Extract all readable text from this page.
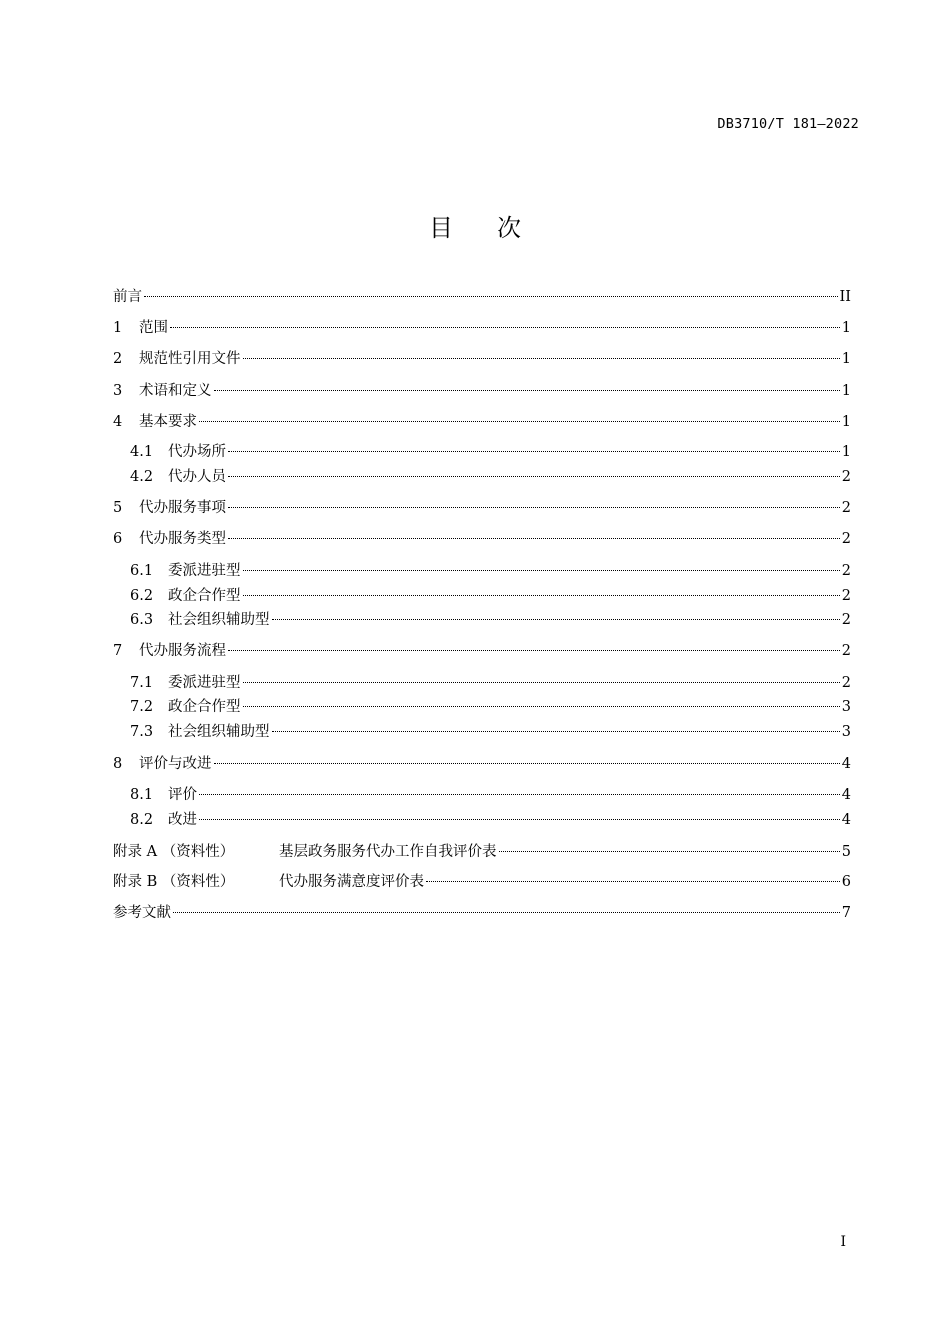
DB3710/T 181—2022
目次
前言	II
1	范围	1
2	规范性引用文件	1
3	术语和定义	1
4	基本要求	1
4.1	代办场所	1
4.2	代办人员	2
5	代办服务事项	2
6	代办服务类型	2
6.1	委派进驻型	2
6.2	政企合作型	2
6.3	社会组织辅助型	2
7	代办服务流程	2
7.1	委派进驻型	2
7.2	政企合作型	3
7.3	社会组织辅助型	3
8	评价与改进	4
8.1	评价	4
8.2	改进	4
附录 A （资料性）	基层政务服务代办工作自我评价表	5
附录 B （资料性）	代办服务满意度评价表	6
参考文献	7
I
